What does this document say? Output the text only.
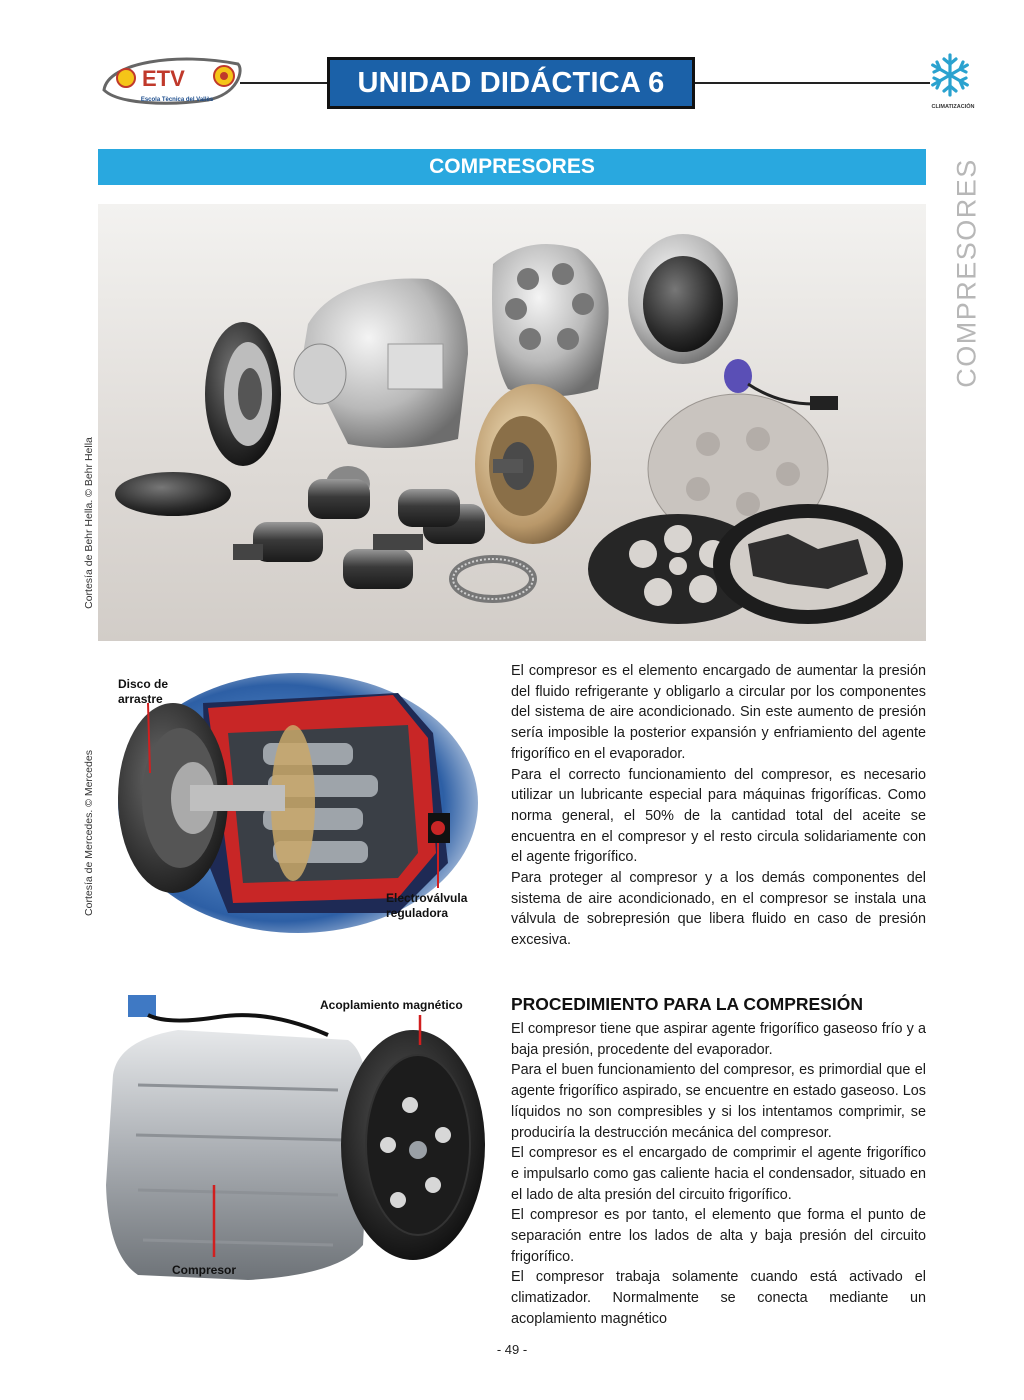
ETV
Escola Tècnica del Vallès
UNIDAD DIDÁCTICA 6
CLIMATIZACIÓN
COMPRESORES	COMPRESORES
Cortesía de Behr Hella. © Behr Hella
Disco de
arrastre
Electroválvula
reguladora
Cortesía de Mercedes. © Mercedes

El compresor es el elemento encargado de aumentar la presión del fluido refrigerante y obligarlo a circular por los componentes del sistema de aire acondicionado. Sin este aumento de presión sería imposible la posterior expansión y enfriamiento del agente frigorífico en el evaporador.

Para el correcto funcionamiento del compresor, es necesario utilizar un lubricante especial para máquinas frigoríficas. Como norma general, el 50% de la cantidad total del aceite se encuentra en el compresor y el resto circula solidariamente con el agente frigorífico.

Para proteger al compresor y a los demás componentes del sistema de aire acondicionado, en el compresor se instala una válvula de sobrepresión que libera fluido en caso de presión excesiva.

Acoplamiento magnético
Compresor
PROCEDIMIENTO PARA LA COMPRESIÓN

El compresor tiene que aspirar agente frigorífico gaseoso frío y a baja presión, procedente del evaporador.

Para el buen funcionamiento del compresor, es primordial que el agente frigorífico aspirado, se encuentre en estado gaseoso. Los líquidos no son compresibles y si los intentamos comprimir, se produciría la destrucción mecánica del compresor.

El compresor es el encargado de comprimir el agente frigorífico e impulsarlo como gas caliente hacia el condensador, situado en el lado de alta presión del circuito frigorífico.

El compresor es por tanto, el elemento que forma el punto de separación entre los lados de alta y baja presión del circuito frigorífico.

El compresor trabaja solamente cuando está activado el climatizador. Normalmente se conecta mediante un acoplamiento magnético

- 49 -
